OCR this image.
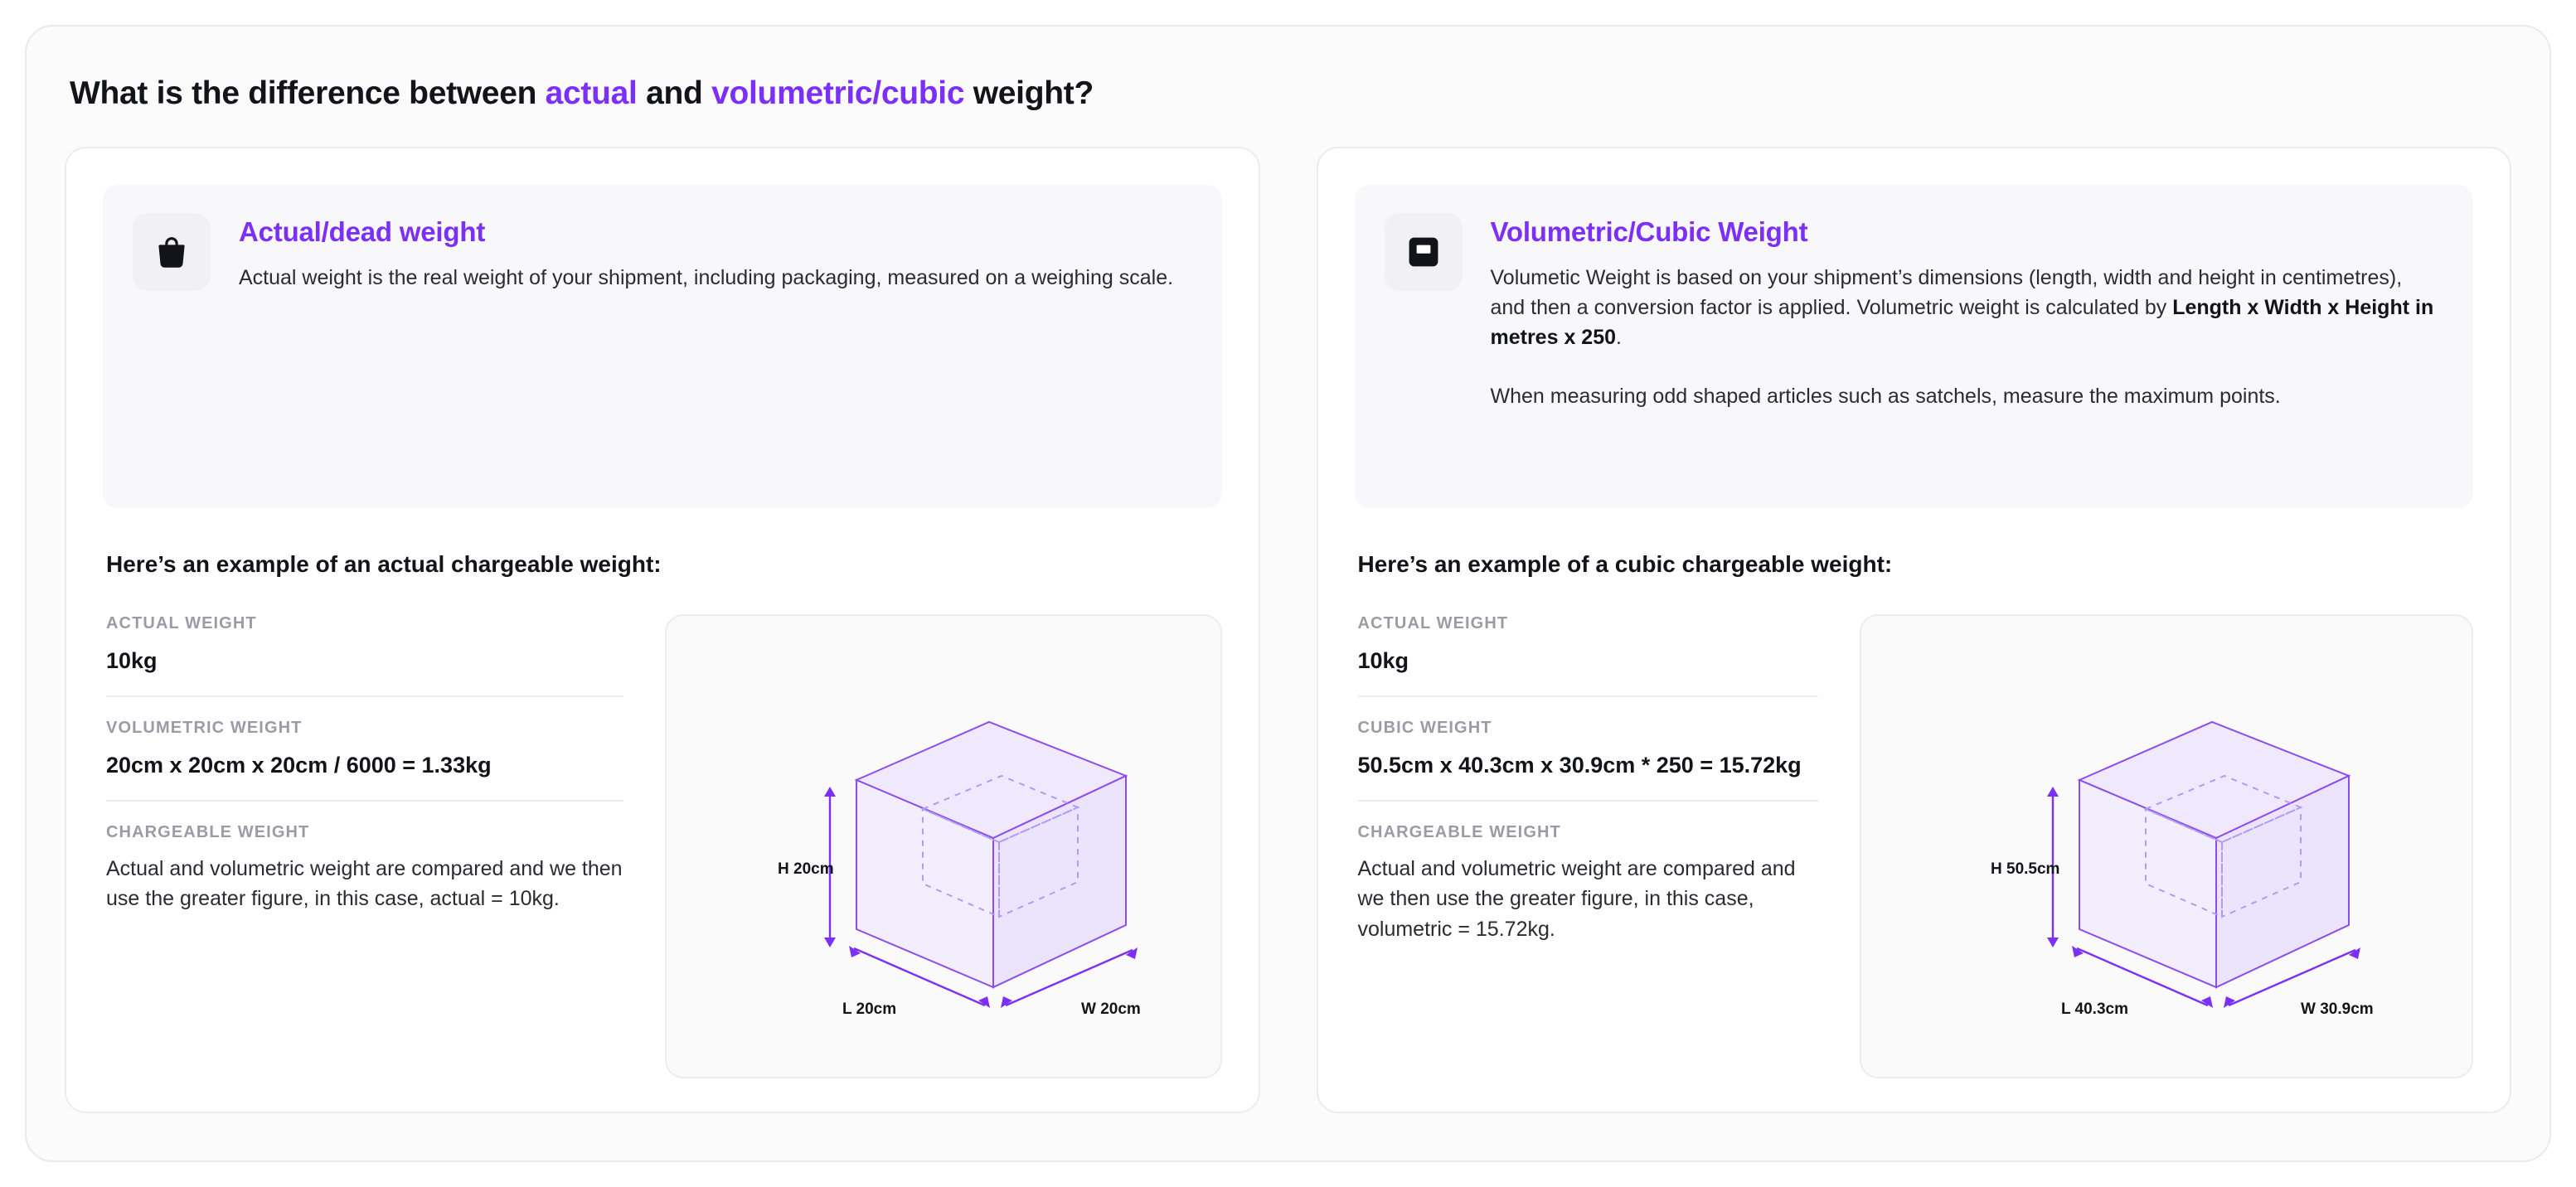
What is the difference between actual and volumetric/cubic weight?
Actual/dead weight

Actual weight is the real weight of your shipment, including packaging, measured on a weighing scale.

Here’s an example of an actual chargeable weight:
ACTUAL WEIGHT
10kg
VOLUMETRIC WEIGHT
20cm x 20cm x 20cm / 6000 = 1.33kg
CHARGEABLE WEIGHT
Actual and volumetric weight are compared and we then use the greater figure, in this case, actual = 10kg.
H 20cm
L 20cm	W 20cm
Volumetric/Cubic Weight

Volumetic Weight is based on your shipment’s dimensions (length, width and height in centimetres), and then a conversion factor is applied. Volumetric weight is calculated by Length x Width x Height in metres x 250.

When measuring odd shaped articles such as satchels, measure the maximum points.

Here’s an example of a cubic chargeable weight:
ACTUAL WEIGHT
10kg
CUBIC WEIGHT
50.5cm x 40.3cm x 30.9cm * 250 = 15.72kg
CHARGEABLE WEIGHT
Actual and volumetric weight are compared and we then use the greater figure, in this case, volumetric = 15.72kg.
H 50.5cm
L 40.3cm	W 30.9cm
